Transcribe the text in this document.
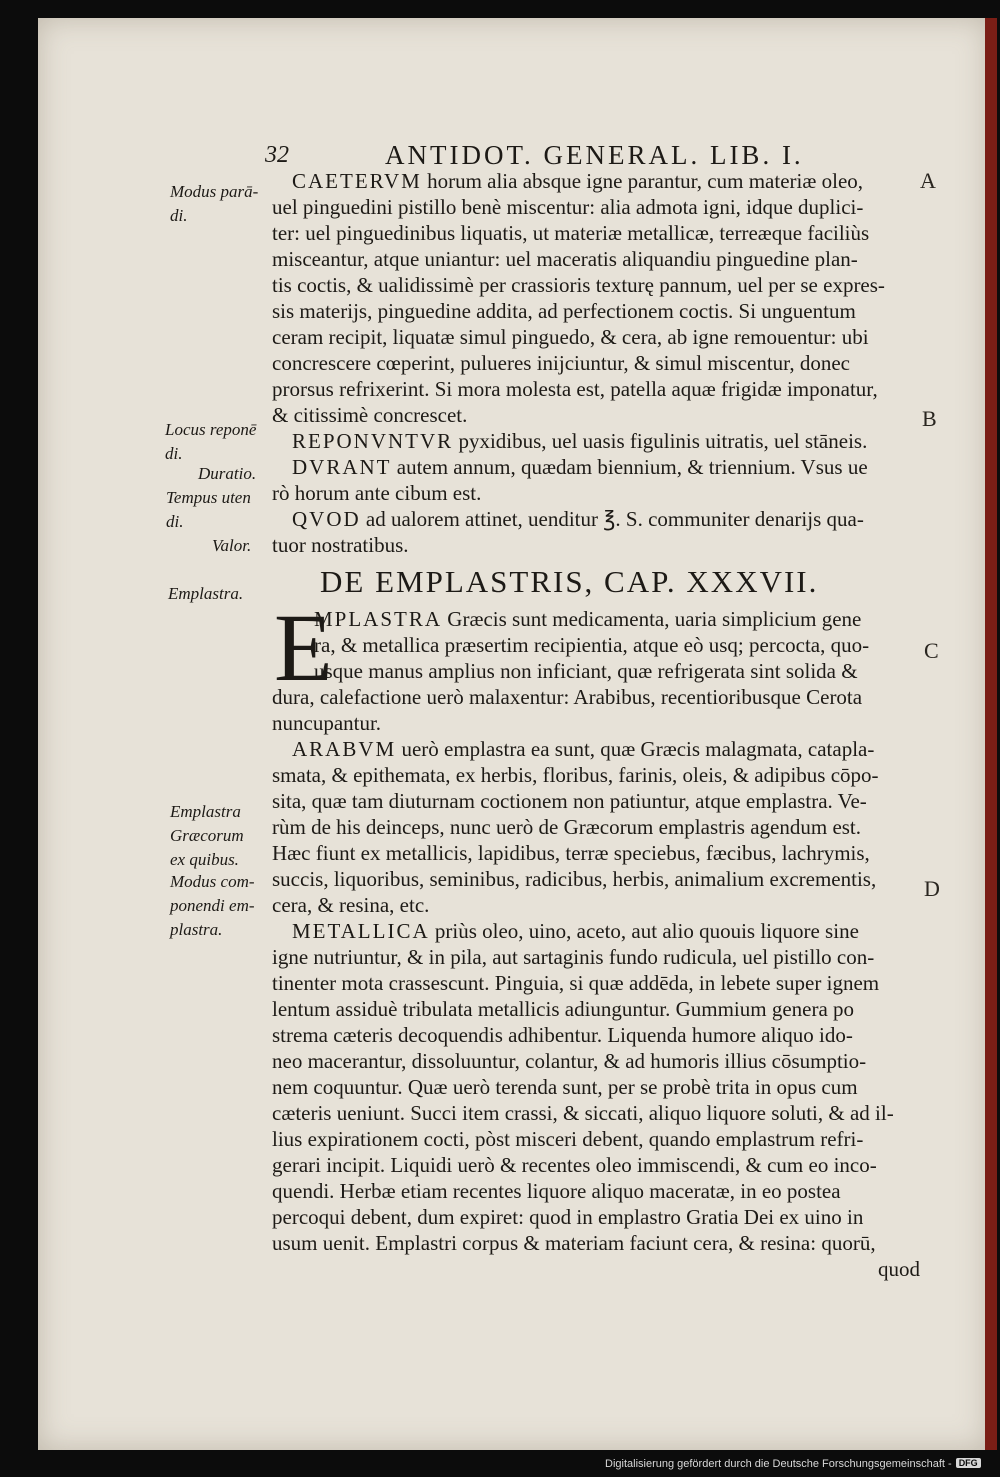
32	ANTIDOT. GENERAL. LIB. I.
Modus parā-
di.
Locus reponē
di.
Duratio.
Tempus uten
di.
Valor.
Emplastra.
Emplastra
Græcorum
ex quibus.
Modus com-
ponendi em-
plastra.
A
B
C
D
CAETERVM horum alia absque igne parantur, cum materiæ oleo,
uel pinguedini pistillo benè miscentur: alia admota igni, idque duplici-
ter: uel pinguedinibus liquatis, ut materiæ metallicæ, terreæque faciliùs
misceantur, atque uniantur: uel maceratis aliquandiu pinguedine plan-
tis coctis, & ualidissimè per crassioris texturę pannum, uel per se expres-
sis materijs, pinguedine addita, ad perfectionem coctis. Si unguentum
ceram recipit, liquatæ simul pinguedo, & cera, ab igne remouentur: ubi
concrescere cœperint, pulueres inijciuntur, & simul miscentur, donec
prorsus refrixerint. Si mora molesta est, patella aquæ frigidæ imponatur,
& citissimè concrescet.
REPONVNTVR pyxidibus, uel uasis figulinis uitratis, uel stāneis.
DVRANT autem annum, quædam biennium, & triennium. Vsus ue
rò horum ante cibum est.
QVOD ad ualorem attinet, uenditur ℥. S. communiter denarijs qua-
tuor nostratibus.
DE EMPLASTRIS, CAP. XXXVII.
E
MPLASTRA Græcis sunt medicamenta, uaria simplicium gene
ra, & metallica præsertim recipientia, atque eò usq; percocta, quo-
usque manus amplius non inficiant, quæ refrigerata sint solida &
dura, calefactione uerò malaxentur: Arabibus, recentioribusque Cerota
nuncupantur.
ARABVM uerò emplastra ea sunt, quæ Græcis malagmata, catapla-
smata, & epithemata, ex herbis, floribus, farinis, oleis, & adipibus cōpo-
sita, quæ tam diuturnam coctionem non patiuntur, atque emplastra. Ve-
rùm de his deinceps, nunc uerò de Græcorum emplastris agendum est.
Hæc fiunt ex metallicis, lapidibus, terræ speciebus, fæcibus, lachrymis,
succis, liquoribus, seminibus, radicibus, herbis, animalium excrementis,
cera, & resina, etc.
METALLICA priùs oleo, uino, aceto, aut alio quouis liquore sine
igne nutriuntur, & in pila, aut sartaginis fundo rudicula, uel pistillo con-
tinenter mota crassescunt. Pinguia, si quæ addēda, in lebete super ignem
lentum assiduè tribulata metallicis adiunguntur. Gummium genera po
strema cæteris decoquendis adhibentur. Liquenda humore aliquo ido-
neo macerantur, dissoluuntur, colantur, & ad humoris illius cōsumptio-
nem coquuntur. Quæ uerò terenda sunt, per se probè trita in opus cum
cæteris ueniunt. Succi item crassi, & siccati, aliquo liquore soluti, & ad il-
lius expirationem cocti, pòst misceri debent, quando emplastrum refri-
gerari incipit. Liquidi uerò & recentes oleo immiscendi, & cum eo inco-
quendi. Herbæ etiam recentes liquore aliquo maceratæ, in eo postea
percoqui debent, dum expiret: quod in emplastro Gratia Dei ex uino in
usum uenit. Emplastri corpus & materiam faciunt cera, & resina: quorū,
quod
Digitalisierung gefördert durch die Deutsche Forschungsgemeinschaft - DFG
